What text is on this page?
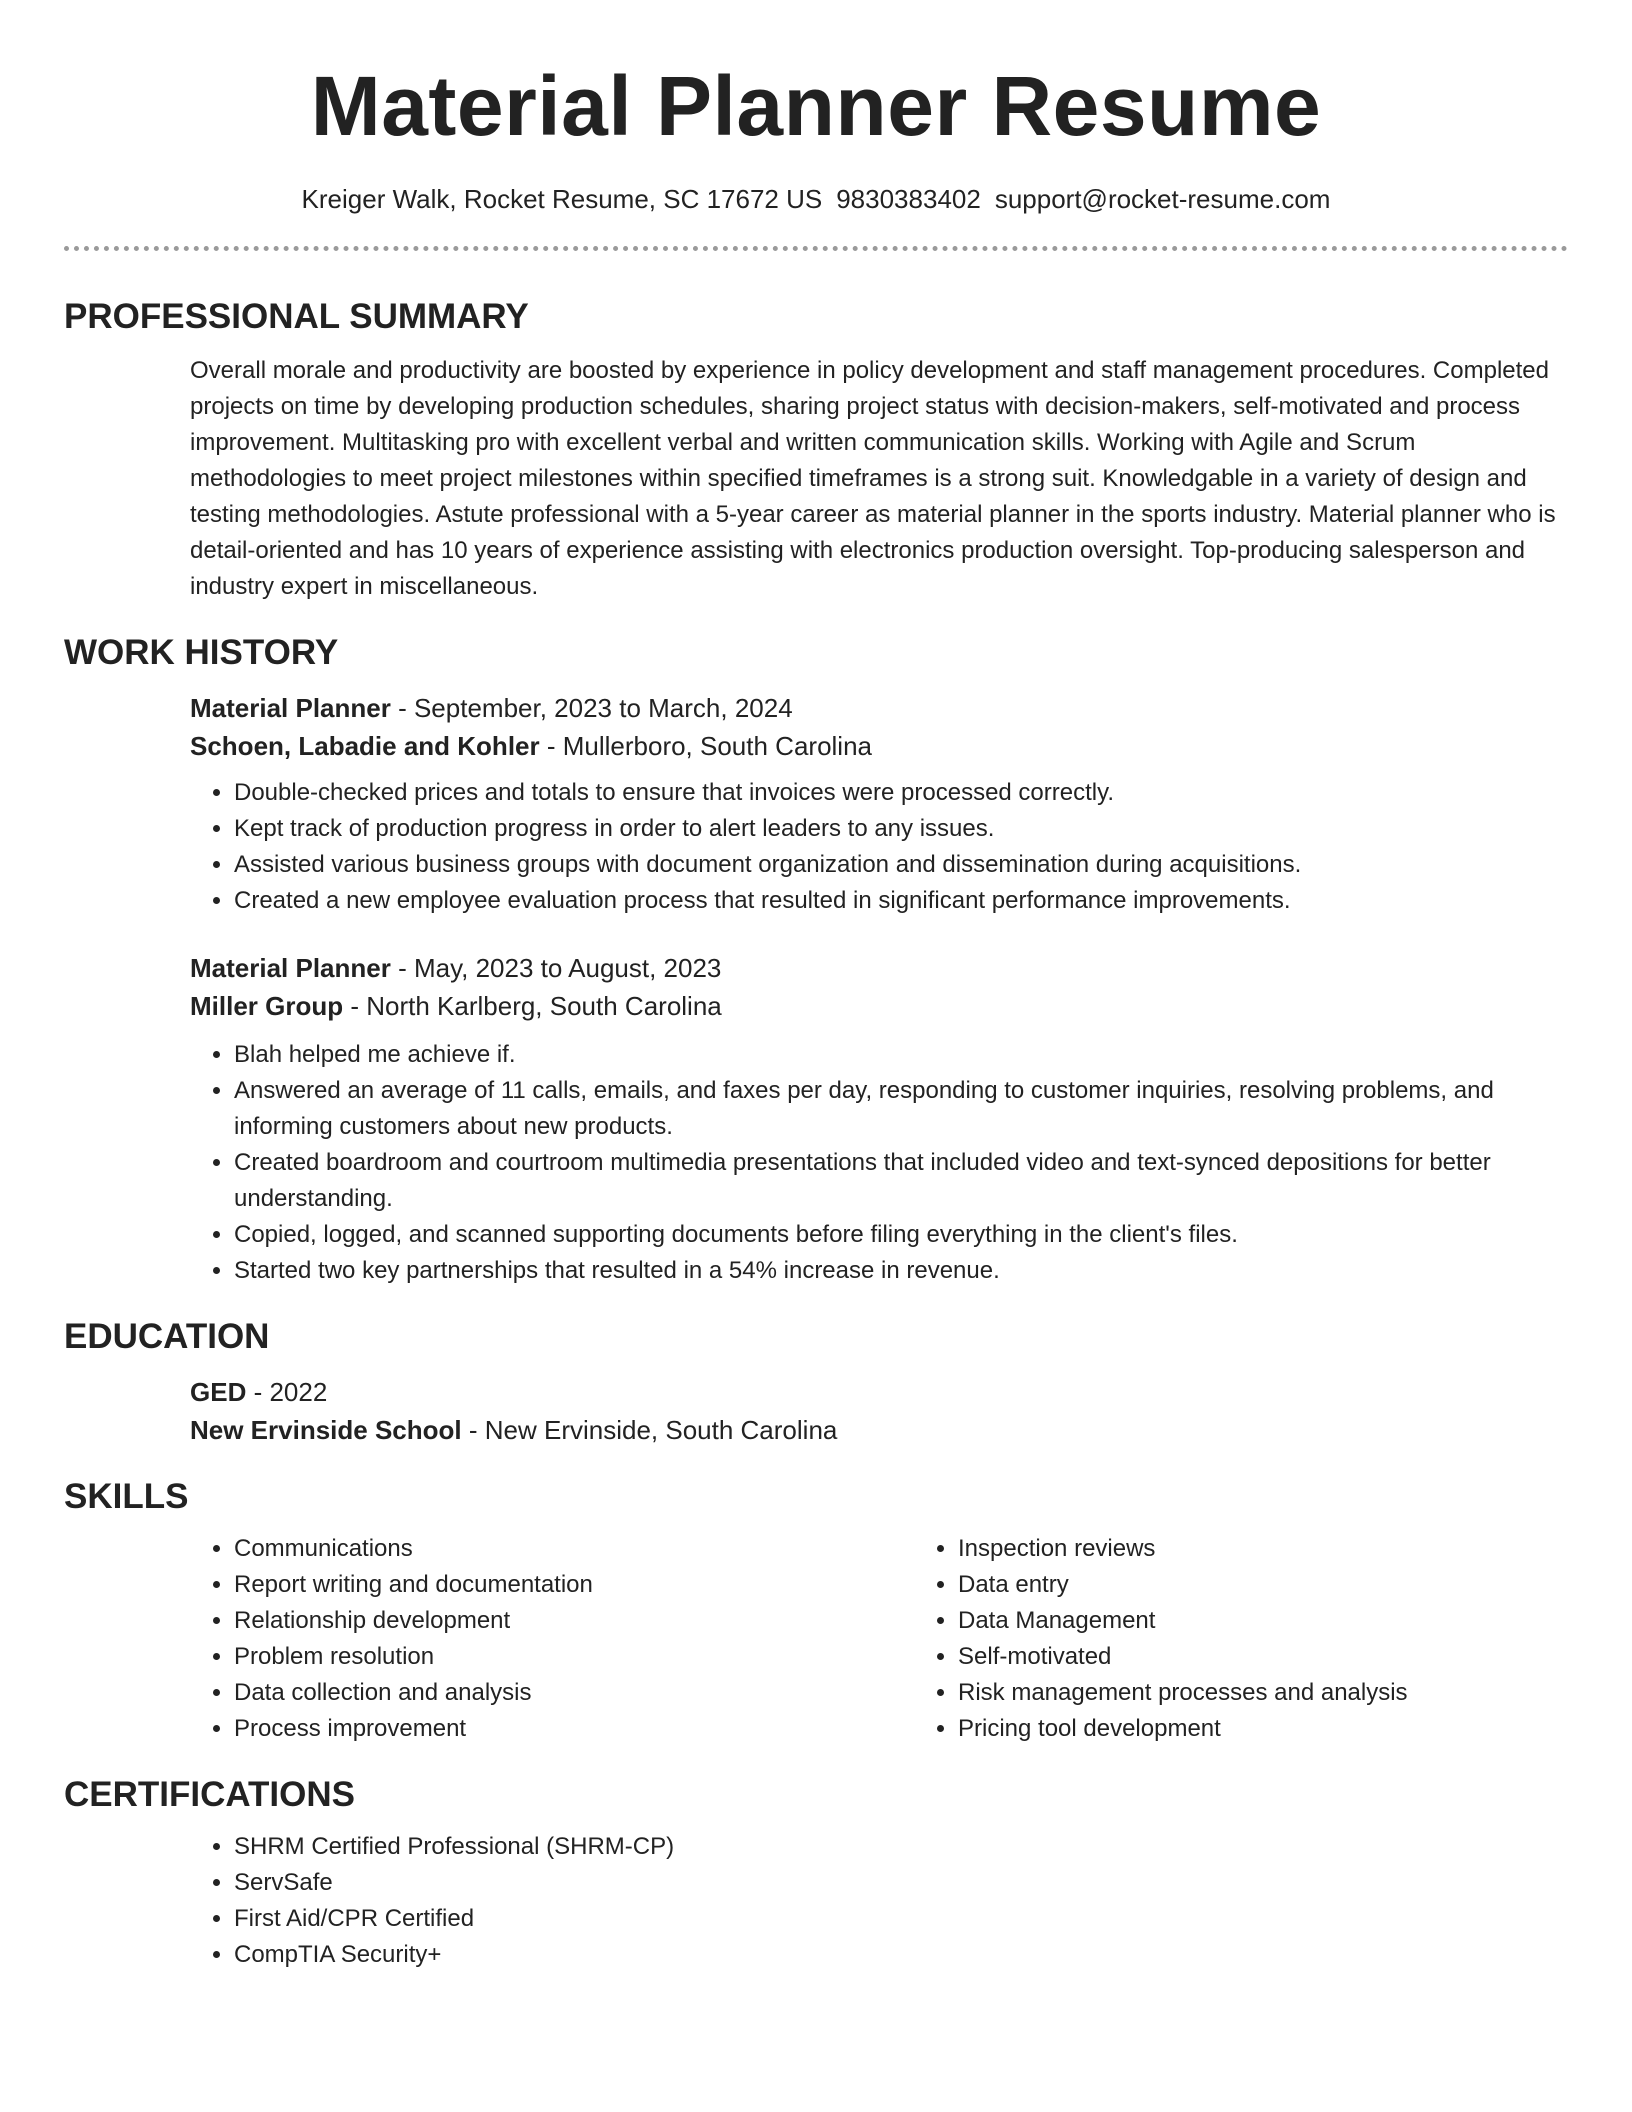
Material Planner Resume
Kreiger Walk, Rocket Resume, SC 17672 US 9830383402 support@rocket-resume.com
PROFESSIONAL SUMMARY

Overall morale and productivity are boosted by experience in policy development and staff management procedures. Completed projects on time by developing production schedules, sharing project status with decision-makers, self-motivated and process improvement. Multitasking pro with excellent verbal and written communication skills. Working with Agile and Scrum methodologies to meet project milestones within specified timeframes is a strong suit. Knowledgable in a variety of design and testing methodologies. Astute professional with a 5-year career as material planner in the sports industry. Material planner who is detail-oriented and has 10 years of experience assisting with electronics production oversight. Top-producing salesperson and industry expert in miscellaneous.

WORK HISTORY
Material Planner - September, 2023 to March, 2024
Schoen, Labadie and Kohler - Mullerboro, South Carolina
• Double-checked prices and totals to ensure that invoices were processed correctly.
• Kept track of production progress in order to alert leaders to any issues.
• Assisted various business groups with document organization and dissemination during acquisitions.
• Created a new employee evaluation process that resulted in significant performance improvements.
Material Planner - May, 2023 to August, 2023
Miller Group - North Karlberg, South Carolina
• Blah helped me achieve if.
• Answered an average of 11 calls, emails, and faxes per day, responding to customer inquiries, resolving problems, and informing customers about new products.
• Created boardroom and courtroom multimedia presentations that included video and text-synced depositions for better understanding.
• Copied, logged, and scanned supporting documents before filing everything in the client's files.
• Started two key partnerships that resulted in a 54% increase in revenue.
EDUCATION
GED - 2022
New Ervinside School - New Ervinside, South Carolina
SKILLS
• Communications
• Report writing and documentation
• Relationship development
• Problem resolution
• Data collection and analysis
• Process improvement
• Inspection reviews
• Data entry
• Data Management
• Self-motivated
• Risk management processes and analysis
• Pricing tool development
CERTIFICATIONS
• SHRM Certified Professional (SHRM-CP)
• ServSafe
• First Aid/CPR Certified
• CompTIA Security+
